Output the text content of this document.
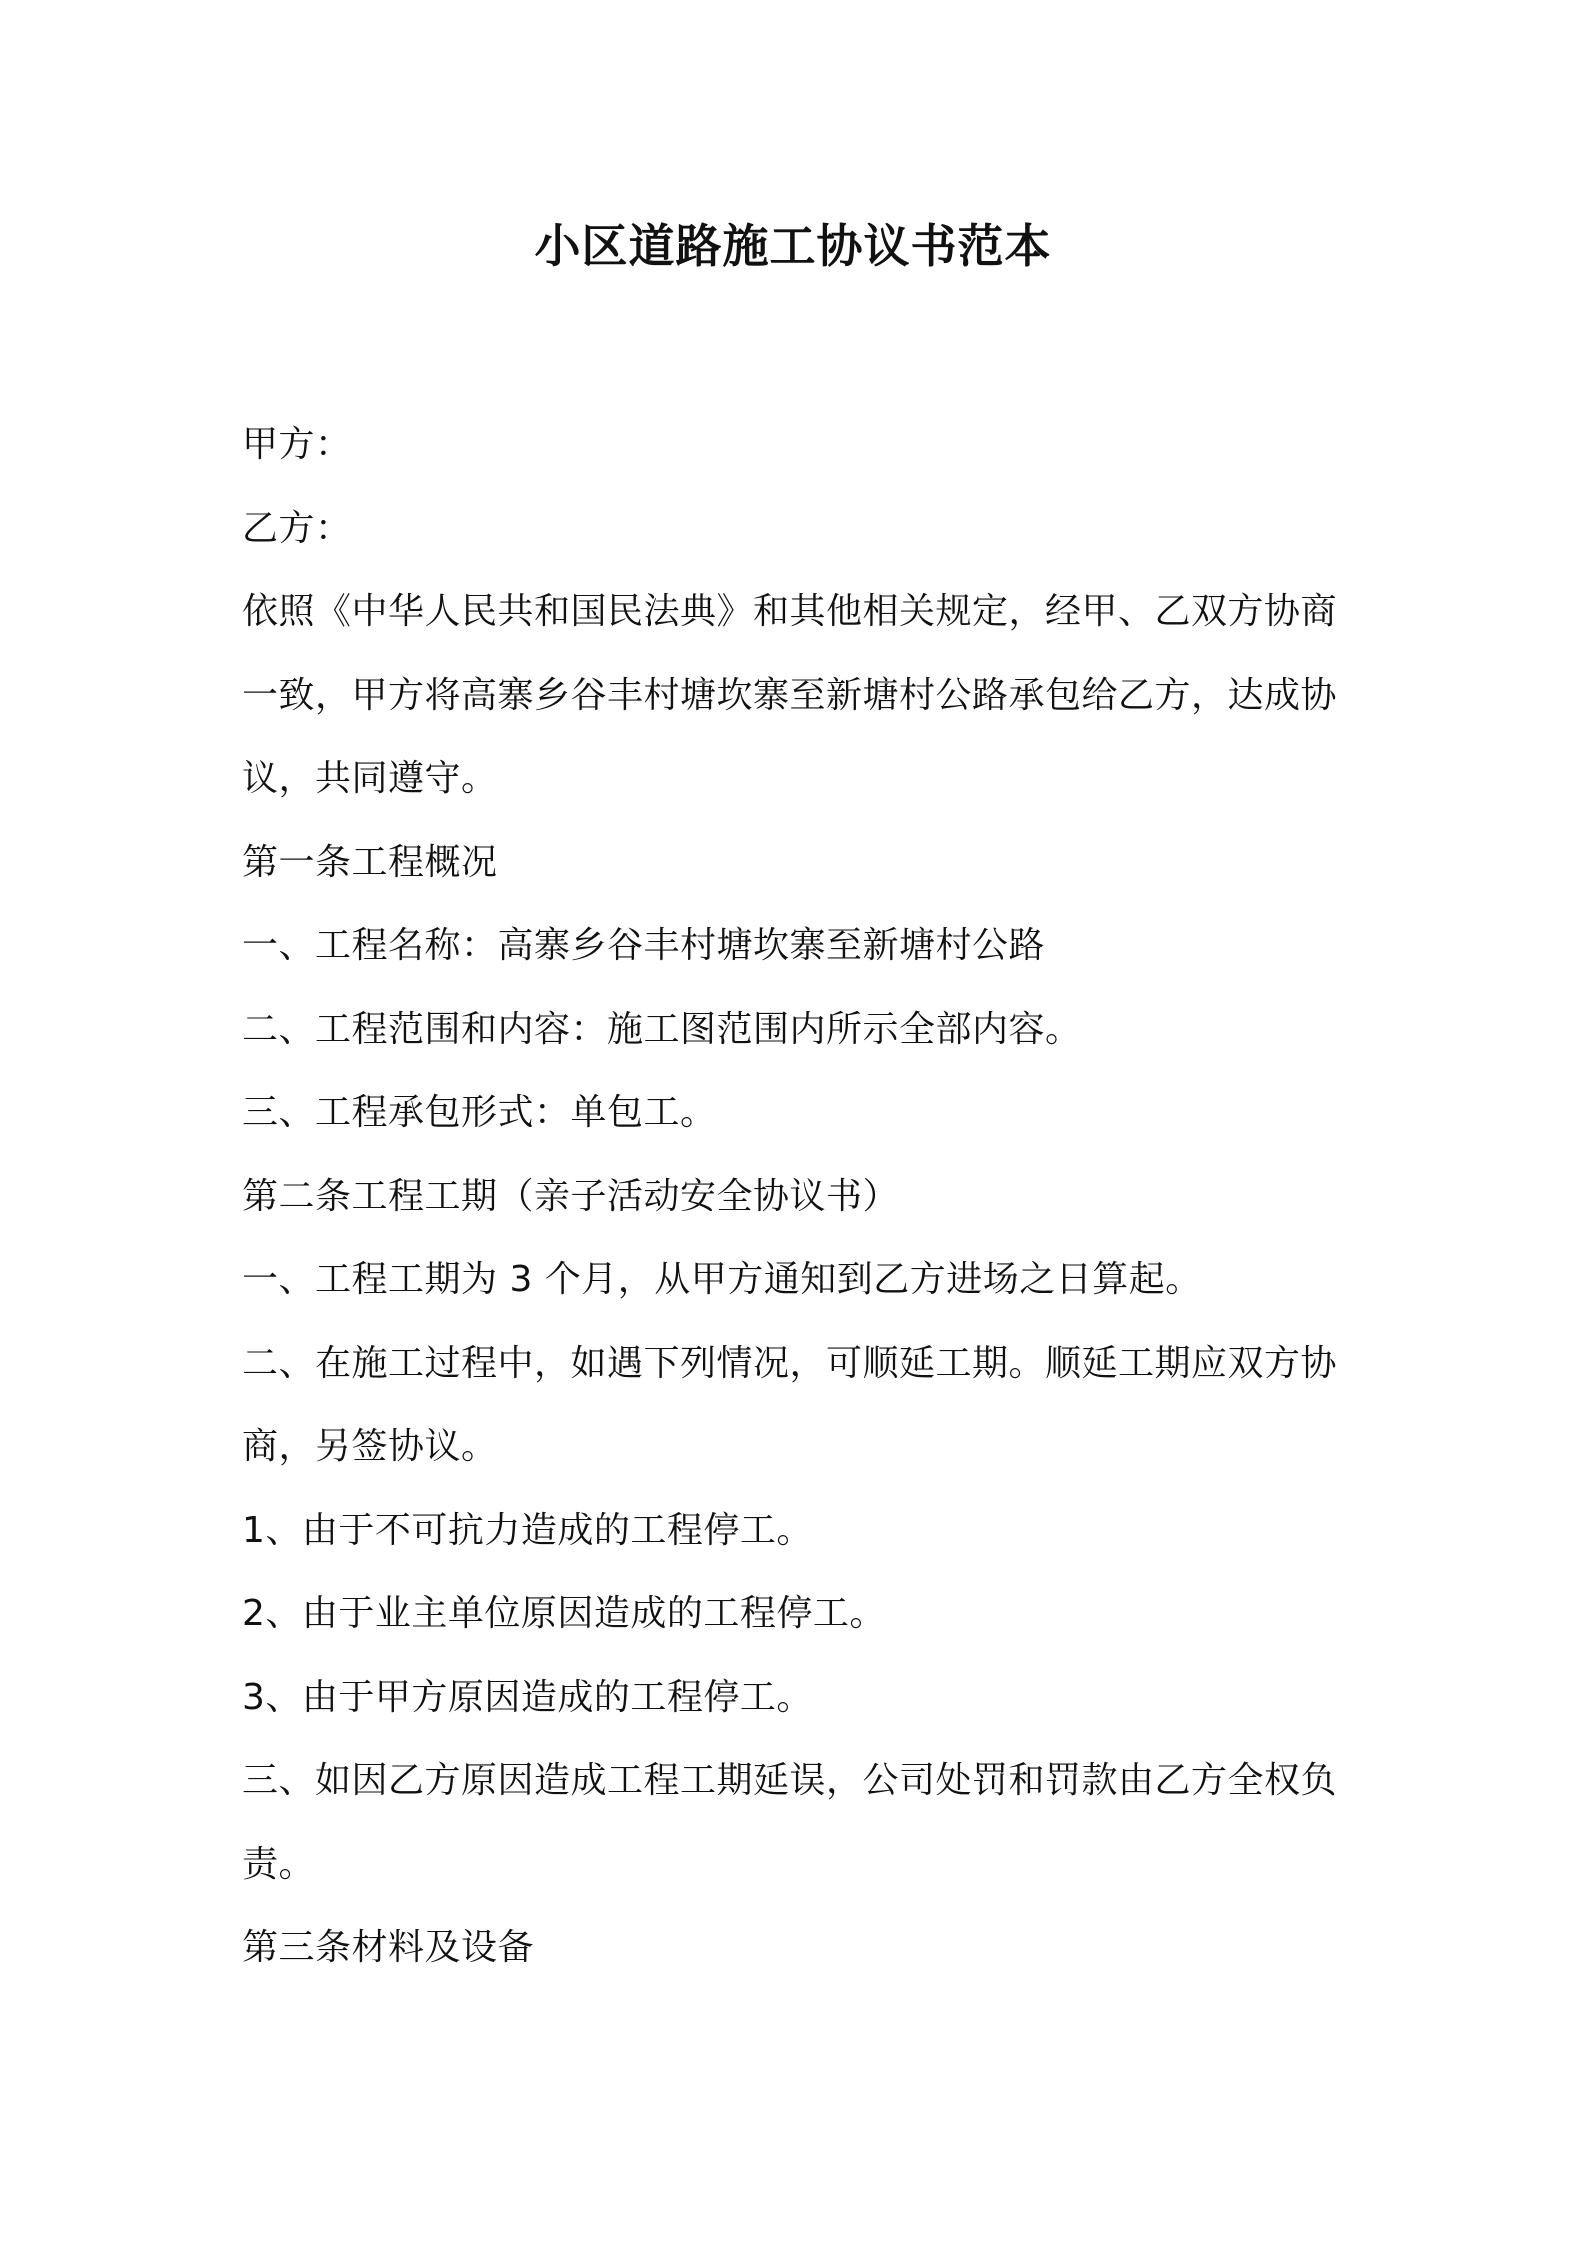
小区道路施工协议书范本
甲方：
乙方：
依照《中华人民共和国民法典》和其他相关规定，经甲、乙双方协商
一致，甲方将高寨乡谷丰村塘坎寨至新塘村公路承包给乙方，达成协
议，共同遵守。
第一条工程概况
一、工程名称：高寨乡谷丰村塘坎寨至新塘村公路
二、工程范围和内容：施工图范围内所示全部内容。
三、工程承包形式：单包工。
第二条工程工期（亲子活动安全协议书）
一、工程工期为 3 个月，从甲方通知到乙方进场之日算起。
二、在施工过程中，如遇下列情况，可顺延工期。顺延工期应双方协
商，另签协议。
1、由于不可抗力造成的工程停工。
2、由于业主单位原因造成的工程停工。
3、由于甲方原因造成的工程停工。
三、如因乙方原因造成工程工期延误，公司处罚和罚款由乙方全权负
责。
第三条材料及设备
